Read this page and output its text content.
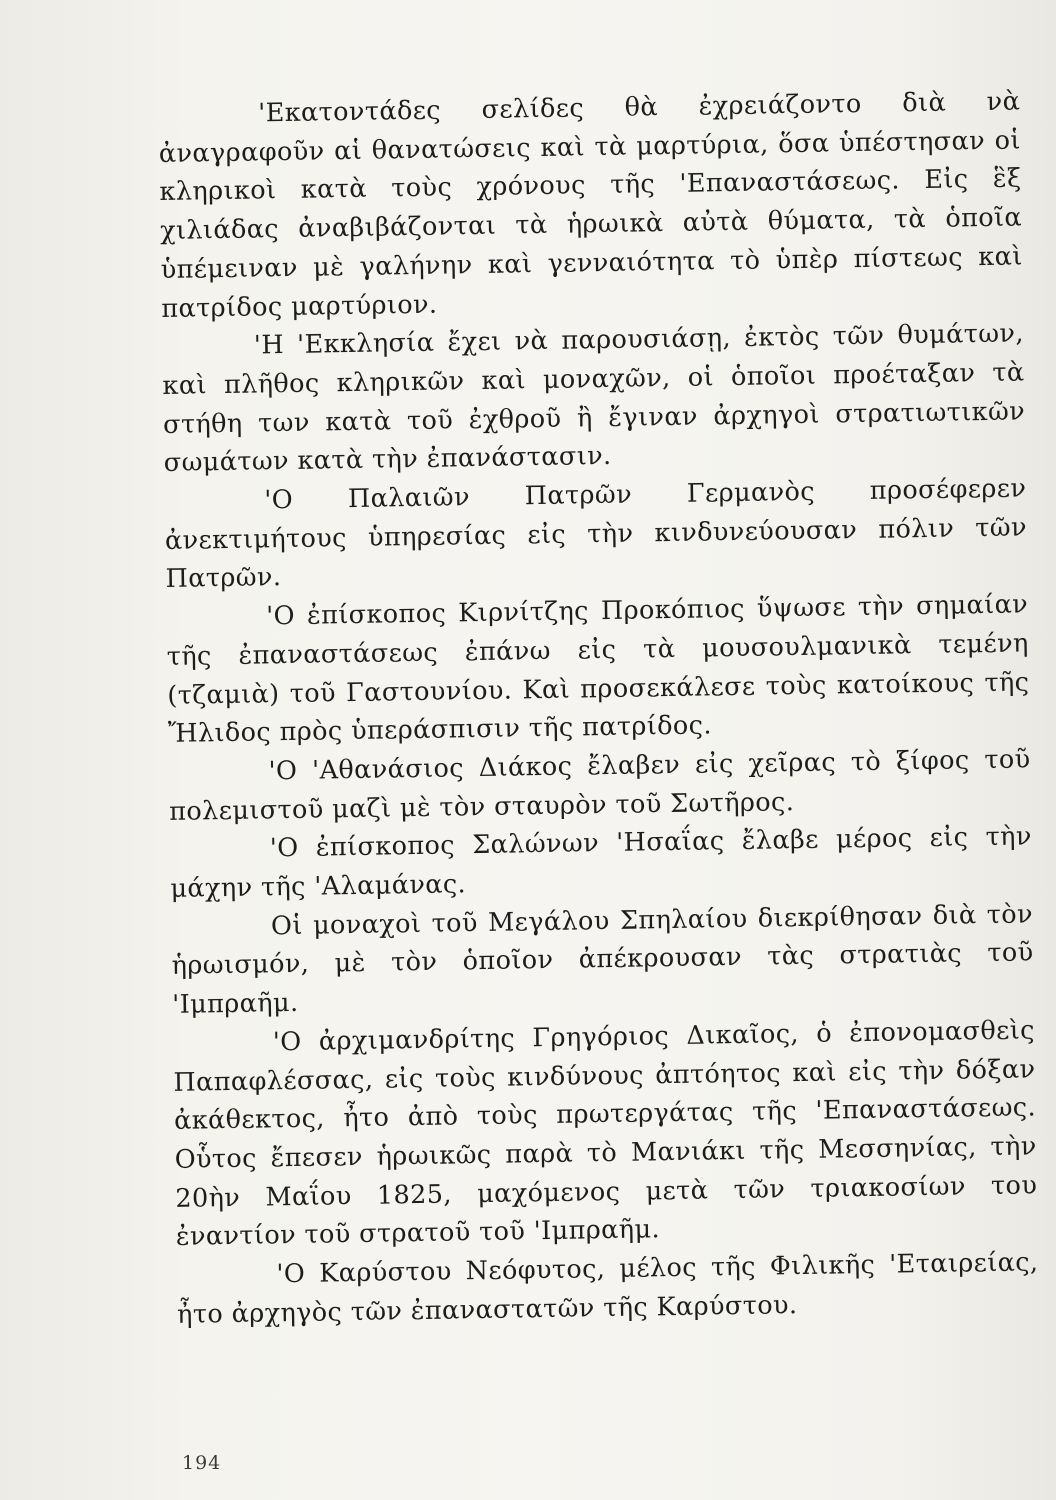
'Εκατοντάδες σελίδες θὰ ἐχρειάζοντο διὰ νὰ ἀναγραφοῦν αἱ θανατώσεις καὶ τὰ μαρτύρια, ὅσα ὑπέστησαν οἱ κληρικοὶ κατὰ τοὺς χρόνους τῆς 'Επαναστάσεως. Εἰς ἓξ χιλιάδας ἀναβιβάζονται τὰ ἡρωικὰ αὐτὰ θύματα, τὰ ὁποῖα ὑπέμειναν μὲ γαλήνην καὶ γενναιότητα τὸ ὑπὲρ πίστεως καὶ πατρίδος μαρτύριον.

'Η 'Εκκλησία ἔχει νὰ παρουσιάσῃ, ἐκτὸς τῶν θυμάτων, καὶ πλῆθος κληρικῶν καὶ μοναχῶν, οἱ ὁποῖοι προέταξαν τὰ στήθη των κατὰ τοῦ ἐχθροῦ ἢ ἔγιναν ἀρχηγοὶ στρατιωτικῶν σωμάτων κατὰ τὴν ἐπανάστασιν.

'Ο Παλαιῶν Πατρῶν Γερμανὸς προσέφερεν ἀνεκτιμήτους ὑπηρεσίας εἰς τὴν κινδυνεύουσαν πόλιν τῶν Πατρῶν.

'Ο ἐπίσκοπος Κιρνίτζης Προκόπιος ὕψωσε τὴν σημαίαν τῆς ἐπαναστάσεως ἐπάνω εἰς τὰ μουσουλμανικὰ τεμένη (τζαμιὰ) τοῦ Γαστουνίου. Καὶ προσεκάλεσε τοὺς κατοίκους τῆς Ἤλιδος πρὸς ὑπεράσπισιν τῆς πατρίδος.

'Ο 'Αθανάσιος Διάκος ἔλαβεν εἰς χεῖρας τὸ ξίφος τοῦ πολεμιστοῦ μαζὶ μὲ τὸν σταυρὸν τοῦ Σωτῆρος.

'Ο ἐπίσκοπος Σαλώνων 'Ησαΐας ἔλαβε μέρος εἰς τὴν μάχην τῆς 'Αλαμάνας.

Οἱ μοναχοὶ τοῦ Μεγάλου Σπηλαίου διεκρίθησαν διὰ τὸν ἡρωισμόν, μὲ τὸν ὁποῖον ἀπέκρουσαν τὰς στρατιὰς τοῦ 'Ιμπραῆμ.

'Ο ἀρχιμανδρίτης Γρηγόριος Δικαῖος, ὁ ἐπονομασθεὶς Παπαφλέσσας, εἰς τοὺς κινδύνους ἀπτόητος καὶ εἰς τὴν δόξαν ἀκάθεκτος, ἦτο ἀπὸ τοὺς πρωτεργάτας τῆς 'Επαναστάσεως. Οὗτος ἔπεσεν ἡρωικῶς παρὰ τὸ Μανιάκι τῆς Μεσσηνίας, τὴν 20ὴν Μαΐου 1825, μαχόμενος μετὰ τῶν τριακοσίων του ἐναντίον τοῦ στρατοῦ τοῦ 'Ιμπραῆμ.

'Ο Καρύστου Νεόφυτος, μέλος τῆς Φιλικῆς 'Εταιρείας, ἦτο ἀρχηγὸς τῶν ἐπαναστατῶν τῆς Καρύστου.

194
